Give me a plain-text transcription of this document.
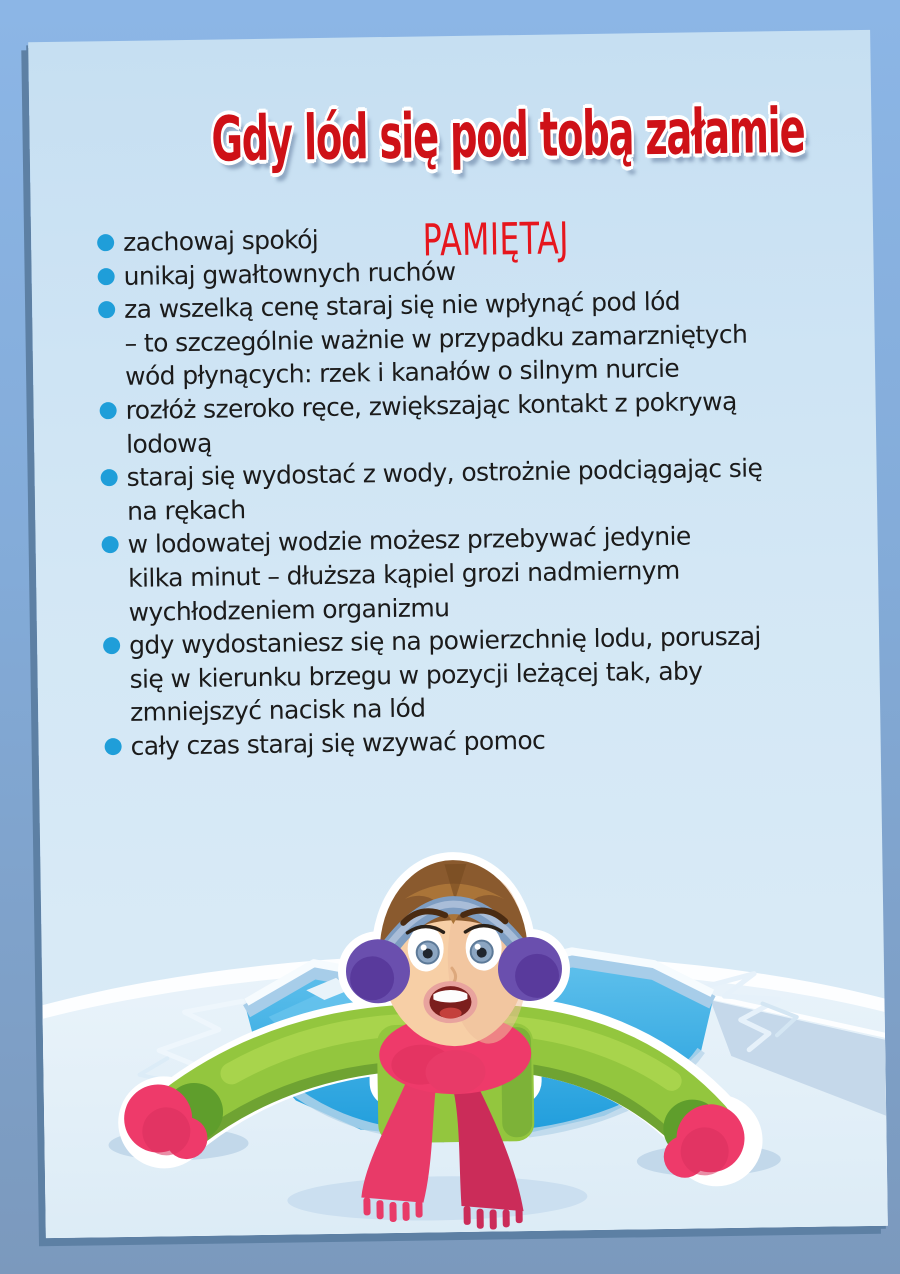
Gdy lód się pod tobą załamie
PAMIĘTAJ
zachowaj spokój
unikaj gwałtownych ruchów
za wszelką cenę staraj się nie wpłynąć pod lód
– to szczególnie ważnie w przypadku zamarzniętych
wód płynących: rzek i kanałów o silnym nurcie
rozłóż szeroko ręce, zwiększając kontakt z pokrywą
lodową
staraj się wydostać z wody, ostrożnie podciągając się
na rękach
w lodowatej wodzie możesz przebywać jedynie
kilka minut – dłuższa kąpiel grozi nadmiernym
wychłodzeniem organizmu
gdy wydostaniesz się na powierzchnię lodu, poruszaj
się w kierunku brzegu w pozycji leżącej tak, aby
zmniejszyć nacisk na lód
cały czas staraj się wzywać pomoc
